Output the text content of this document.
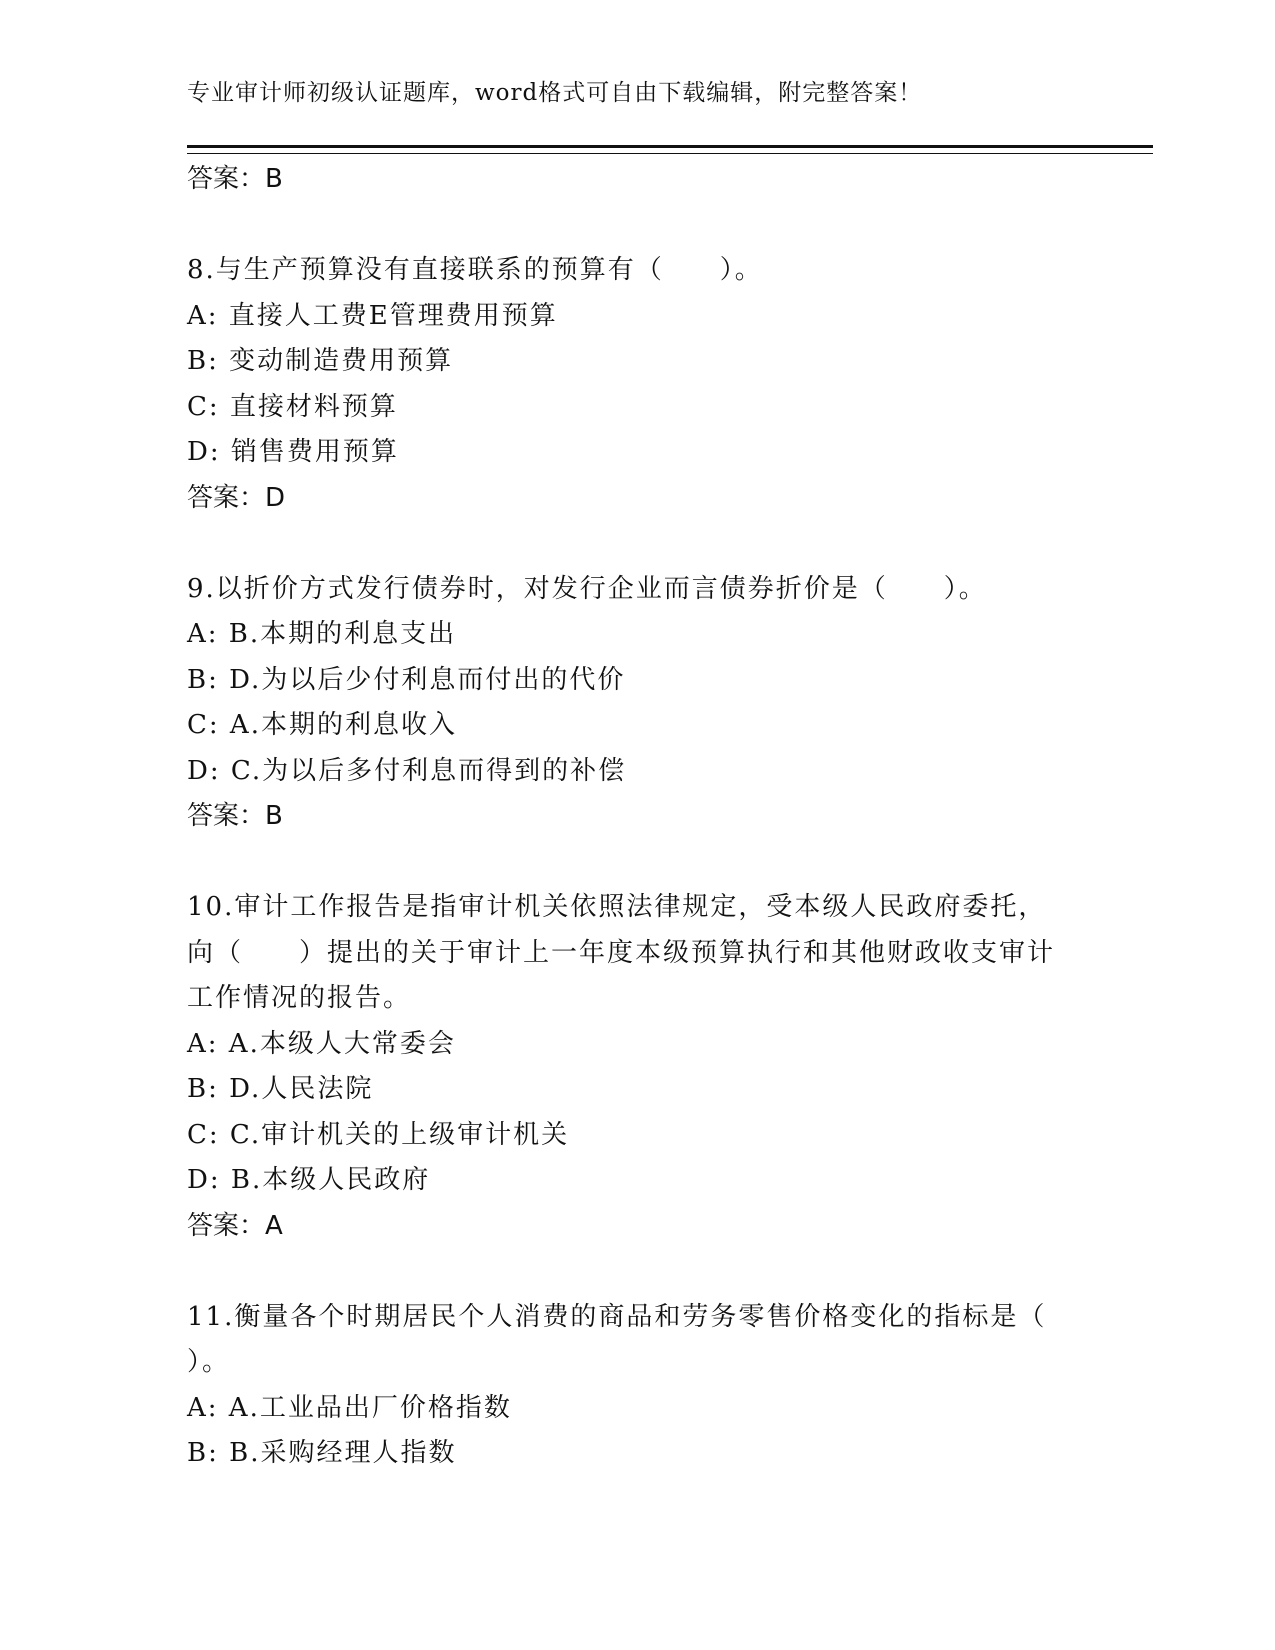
专业审计师初级认证题库，word格式可自由下载编辑，附完整答案！
答案：B
8.与生产预算没有直接联系的预算有（　　）。
A: 直接人工费E管理费用预算
B: 变动制造费用预算
C: 直接材料预算
D: 销售费用预算
答案：D
9.以折价方式发行债券时，对发行企业而言债券折价是（　　）。
A: B.本期的利息支出
B: D.为以后少付利息而付出的代价
C: A.本期的利息收入
D: C.为以后多付利息而得到的补偿
答案：B
10.审计工作报告是指审计机关依照法律规定，受本级人民政府委托，
向（　　）提出的关于审计上一年度本级预算执行和其他财政收支审计
工作情况的报告。
A: A.本级人大常委会
B: D.人民法院
C: C.审计机关的上级审计机关
D: B.本级人民政府
答案：A
11.衡量各个时期居民个人消费的商品和劳务零售价格变化的指标是（
）。
A: A.工业品出厂价格指数
B: B.采购经理人指数
